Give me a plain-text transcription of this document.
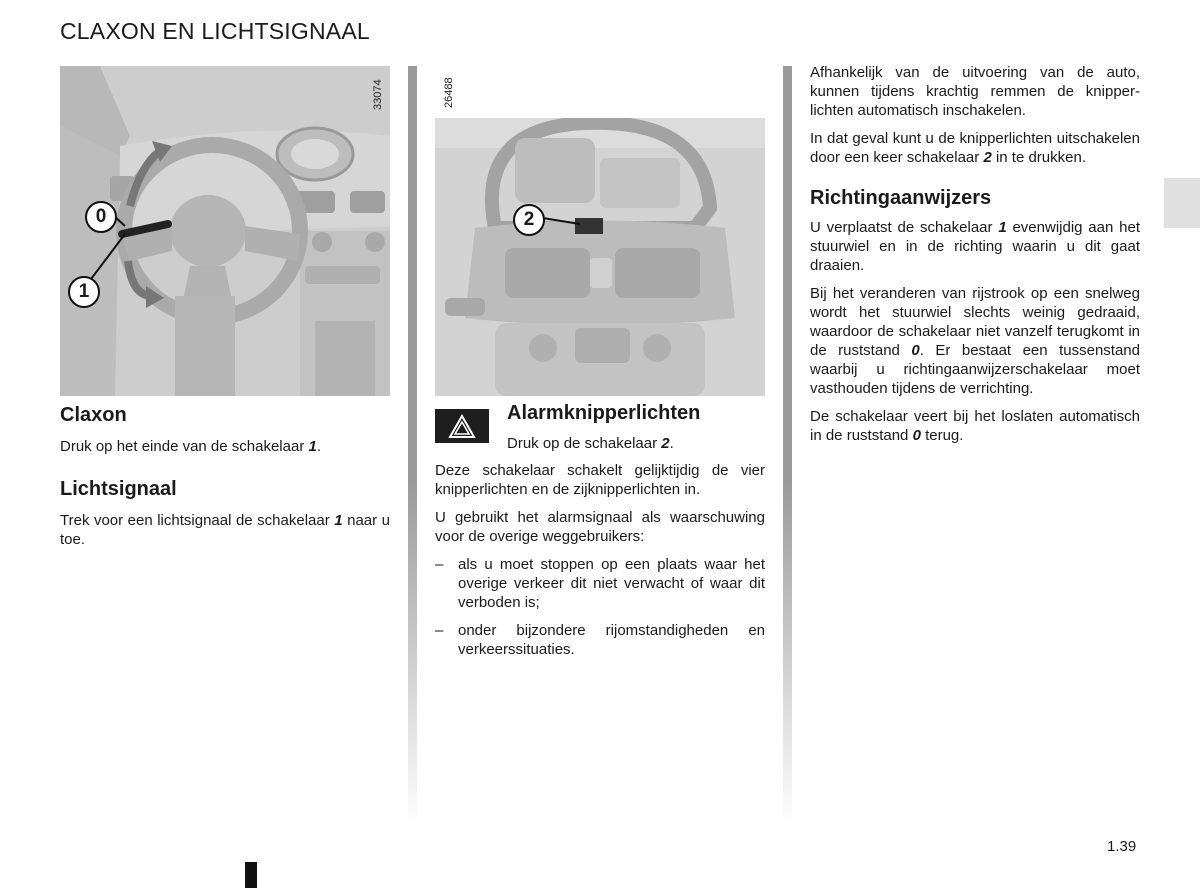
CLAXON EN LICHTSIGNAAL
0
1
33074
Claxon

Druk op het einde van de schakelaar 1.

Lichtsignaal

Trek voor een lichtsignaal de schakelaar 1 naar u toe.

26488
2
Alarmknipperlichten

Druk op de schakelaar 2.

Deze schakelaar schakelt gelijktijdig de vier knipperlichten en de zijknipperlichten in.

U gebruikt het alarmsignaal als waarschuwing voor de overige weggebruikers:

– als u moet stoppen op een plaats waar het overige verkeer dit niet verwacht of waar dit verboden is;
– onder bijzondere rijomstandigheden en verkeerssituaties.

Afhankelijk van de uitvoering van de auto, kunnen tijdens krachtig remmen de knipperlichten automatisch inschakelen.

In dat geval kunt u de knipperlichten uitschakelen door een keer schakelaar 2 in te drukken.

Richtingaanwijzers

U verplaatst de schakelaar 1 evenwijdig aan het stuurwiel en in de richting waarin u dit gaat draaien.

Bij het veranderen van rijstrook op een snelweg wordt het stuurwiel slechts weinig gedraaid, waardoor de schakelaar niet vanzelf terugkomt in de ruststand 0. Er bestaat een tussenstand waarbij u richtingaanwijzerschakelaar moet vasthouden tijdens de verrichting.

De schakelaar veert bij het loslaten automatisch in de ruststand 0 terug.

1.39
